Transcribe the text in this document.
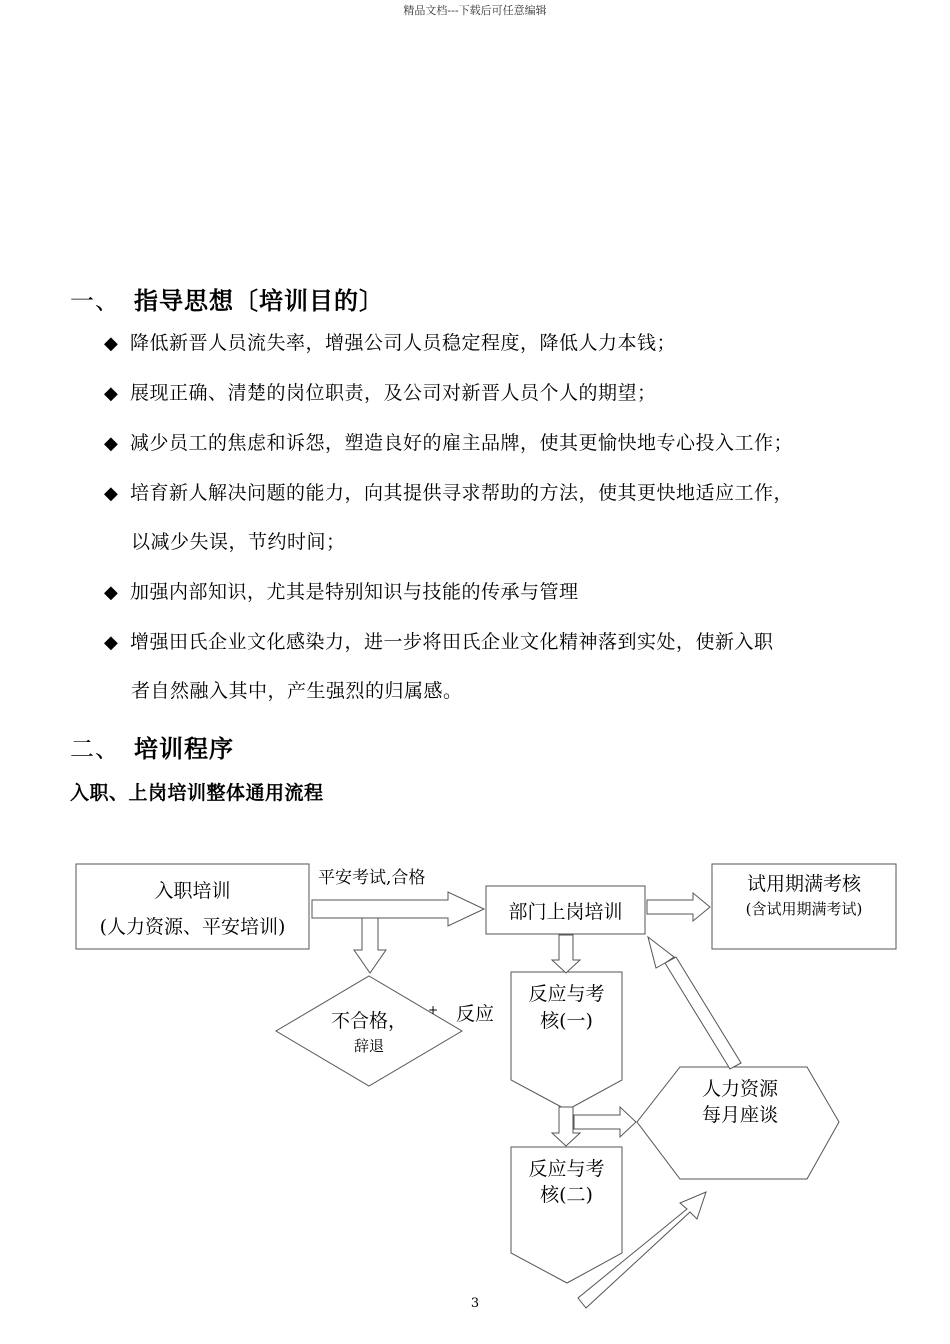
精品文档---下载后可任意编辑
一、 指导思想〔培训目的〕
◆ 降低新晋人员流失率，增强公司人员稳定程度，降低人力本钱；
◆ 展现正确、清楚的岗位职责，及公司对新晋人员个人的期望；
◆ 减少员工的焦虑和诉怨，塑造良好的雇主品牌，使其更愉快地专心投入工作；
◆ 培育新人解决问题的能力，向其提供寻求帮助的方法，使其更快地适应工作，
以减少失误，节约时间；
◆ 加强内部知识，尤其是特别知识与技能的传承与管理
◆ 增强田氏企业文化感染力，进一步将田氏企业文化精神落到实处，使新入职
者自然融入其中，产生强烈的归属感。
二、 培训程序
入职、上岗培训整体通用流程
+
入职培训
(人力资源、平安培训)
平安考试,合格
部门上岗培训
试用期满考核
(含试用期满考试)
不合格，
辞退
反应
反应与考
核(一)
反应与考
核(二)
人力资源
每月座谈
3
